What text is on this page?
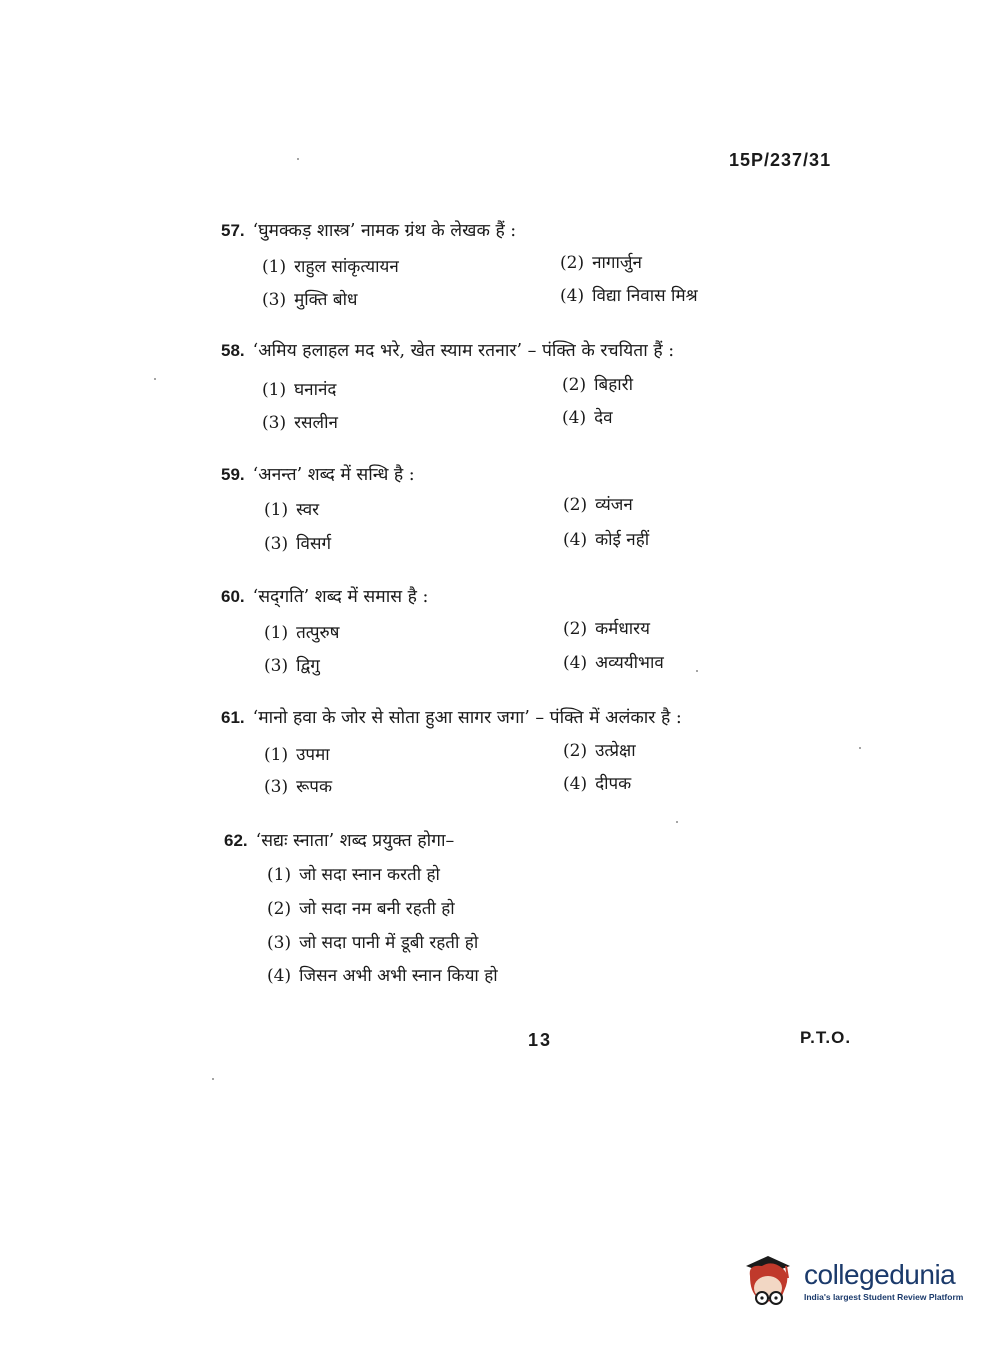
15P/237/31
57. ‘घुमक्कड़ शास्त्र’ नामक ग्रंथ के लेखक हैं :
(1) राहुल सांकृत्यायन	(2) नागार्जुन
(3) मुक्ति बोध	(4) विद्या निवास मिश्र
58. ‘अमिय हलाहल मद भरे, खेत स्याम रतनार’ – पंक्ति के रचयिता हैं :
(1) घनानंद	(2) बिहारी
(3) रसलीन	(4) देव
59. ‘अनन्त’ शब्द में सन्धि है :
(1) स्वर	(2) व्यंजन
(3) विसर्ग	(4) कोई नहीं
60. ‘सद्‌गति’ शब्द में समास है :
(1) तत्पुरुष	(2) कर्मधारय
(3) द्विगु	(4) अव्ययीभाव
61. ‘मानो हवा के जोर से सोता हुआ सागर जगा’ – पंक्ति में अलंकार है :
(1) उपमा	(2) उत्प्रेक्षा
(3) रूपक	(4) दीपक
62. ‘सद्यः स्नाता’ शब्द प्रयुक्त होगा–
(1) जो सदा स्नान करती हो
(2) जो सदा नम बनी रहती हो
(3) जो सदा पानी में डूबी रहती हो
(4) जिसन अभी अभी स्नान किया हो
13	P.T.O.
collegedunia
India's largest Student Review Platform
